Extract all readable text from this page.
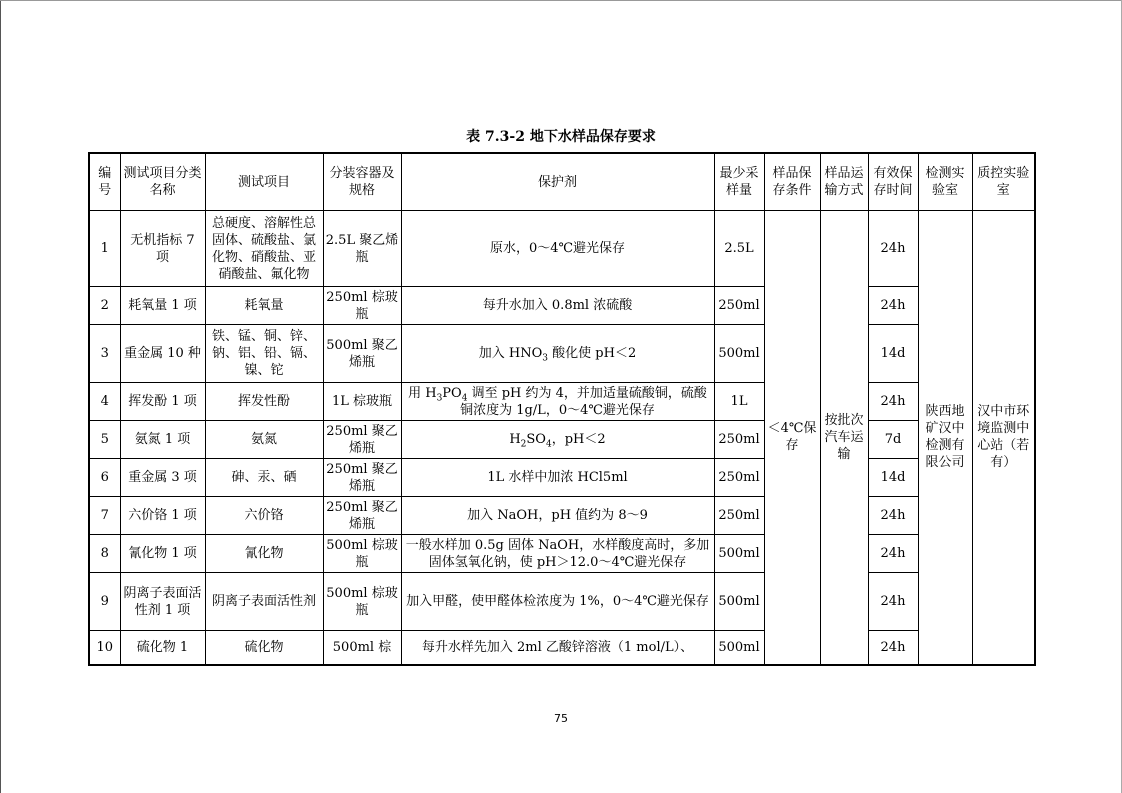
表 7.3-2 地下水样品保存要求
编号	测试项目分类名称	测试项目	分装容器及规格	保护剂	最少采样量	样品保存条件	样品运输方式	有效保存时间	检测实验室	质控实验室
1	无机指标 7 项	总硬度、溶解性总固体、硫酸盐、氯化物、硝酸盐、亚硝酸盐、氟化物	2.5L 聚乙烯瓶	原水，0～4℃避光保存	2.5L	＜4℃保存	按批次汽车运输	24h	陕西地矿汉中检测有限公司	汉中市环境监测中心站（若有）
2	耗氧量 1 项	耗氧量	250ml 棕玻瓶	每升水加入 0.8ml 浓硫酸	250ml			24h		
3	重金属 10 种	铁、锰、铜、锌、钠、铝、铅、镉、镍、铊	500ml 聚乙烯瓶	加入 $HNO_3$ 酸化使 pH＜2	500ml			14d		
4	挥发酚 1 项	挥发性酚	1L 棕玻瓶	用 $H_3PO_4$ 调至 pH 约为 4，并加适量硫酸铜，硫酸铜浓度为 1g/L，0～4℃避光保存	1L			24h		
5	氨氮 1 项	氨氮	250ml 聚乙烯瓶	$H_2SO_4$，pH＜2	250ml			7d		
6	重金属 3 项	砷、汞、硒	250ml 聚乙烯瓶	1L 水样中加浓 HCl5ml	250ml			14d		
7	六价铬 1 项	六价铬	250ml 聚乙烯瓶	加入 NaOH，pH 值约为 8～9	250ml			24h		
8	氰化物 1 项	氰化物	500ml 棕玻瓶	一般水样加 0.5g 固体 NaOH，水样酸度高时，多加固体氢氧化钠，使 pH＞12.0～4℃避光保存	500ml			24h		
9	阴离子表面活性剂 1 项	阴离子表面活性剂	500ml 棕玻瓶	加入甲醛，使甲醛体检浓度为 1%，0～4℃避光保存	500ml			24h		
10	硫化物 1	硫化物	500ml 棕	每升水样先加入 2ml 乙酸锌溶液（1 mol/L）、	500ml			24h		
75
